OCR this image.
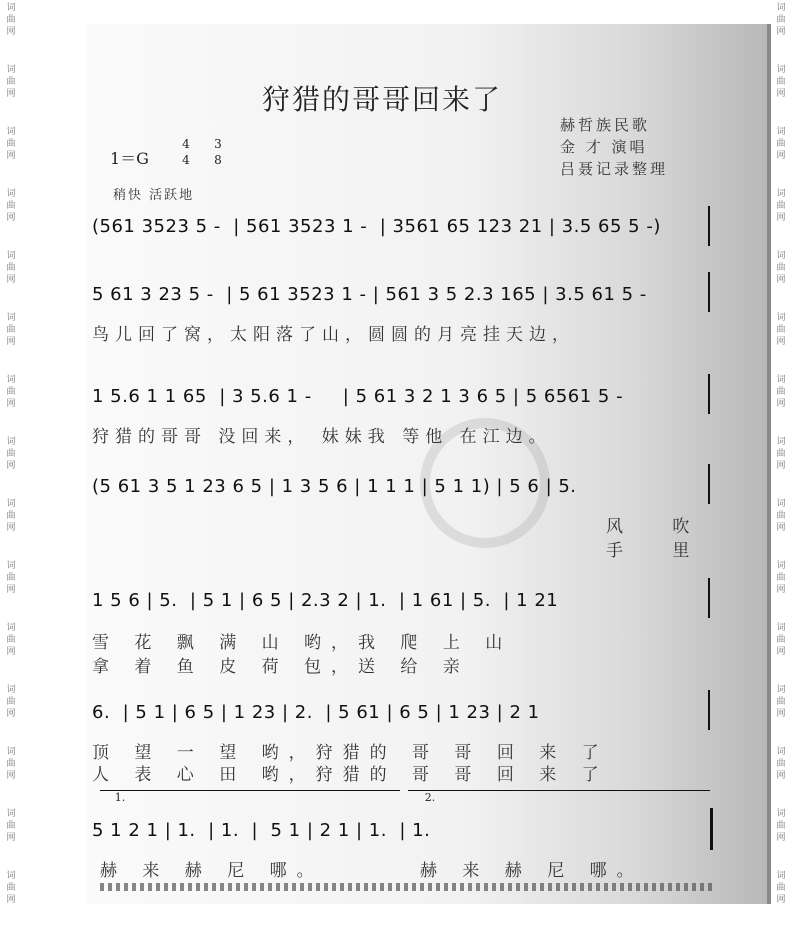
词
曲
网
词
曲
网
词
曲
网
词
曲
网
词
曲
网
词
曲
网
词
曲
网
词
曲
网
词
曲
网
词
曲
网
词
曲
网
词
曲
网
词
曲
网
词
曲
网
词
曲
网
词
曲
网
词
曲
网
词
曲
网
词
曲
网
词
曲
网
词
曲
网
词
曲
网
词
曲
网
词
曲
网
词
曲
网
词
曲
网
词
曲
网
词
曲
网
词
曲
网
词
曲
网
狩猎的哥哥回来了
赫哲族民歌
金 才 演唱
吕聂记录整理
1＝G
4
4
3
8
稍快 活跃地
(561 3523 5 -  | 561 3523 1 -  | 3561 65 123 21 | 3.5 65 5 -)
5 61 3 23 5 -  | 5 61 3523 1 - | 561 3 5 2.3 165 | 3.5 61 5 -
鸟儿回了窝，太阳落了山，圆圆的月亮挂天边，
1 5.6 1 1 65  | 3 5.6 1 -     | 5 61 3 2 1 3 6 5 | 5 6561 5 -
狩猎的哥哥 没回来， 妹妹我 等他 在江边。
(5 61 3 5 1 23 6 5 | 1 3 5 6 | 1 1 1 | 5 1 1) | 5 6 | 5.
风 吹
手 里
1 5 6 | 5.  | 5 1 | 6 5 | 2.3 2 | 1.  | 1 61 | 5.  | 1 21
雪 花 飘 满 山 哟，我 爬 上 山
拿 着 鱼 皮 荷 包，送 给 亲
6.  | 5 1 | 6 5 | 1 23 | 2.  | 5 61 | 6 5 | 1 23 | 2 1
顶 望 一 望 哟，狩猎的 哥 哥 回 来 了
人 表 心 田 哟，狩猎的 哥 哥 回 来 了
1.	2.
5 1 2 1 | 1.  | 1.  |  5 1 | 2 1 | 1.  | 1.
赫 来 赫 尼 哪。	赫 来 赫 尼 哪。
